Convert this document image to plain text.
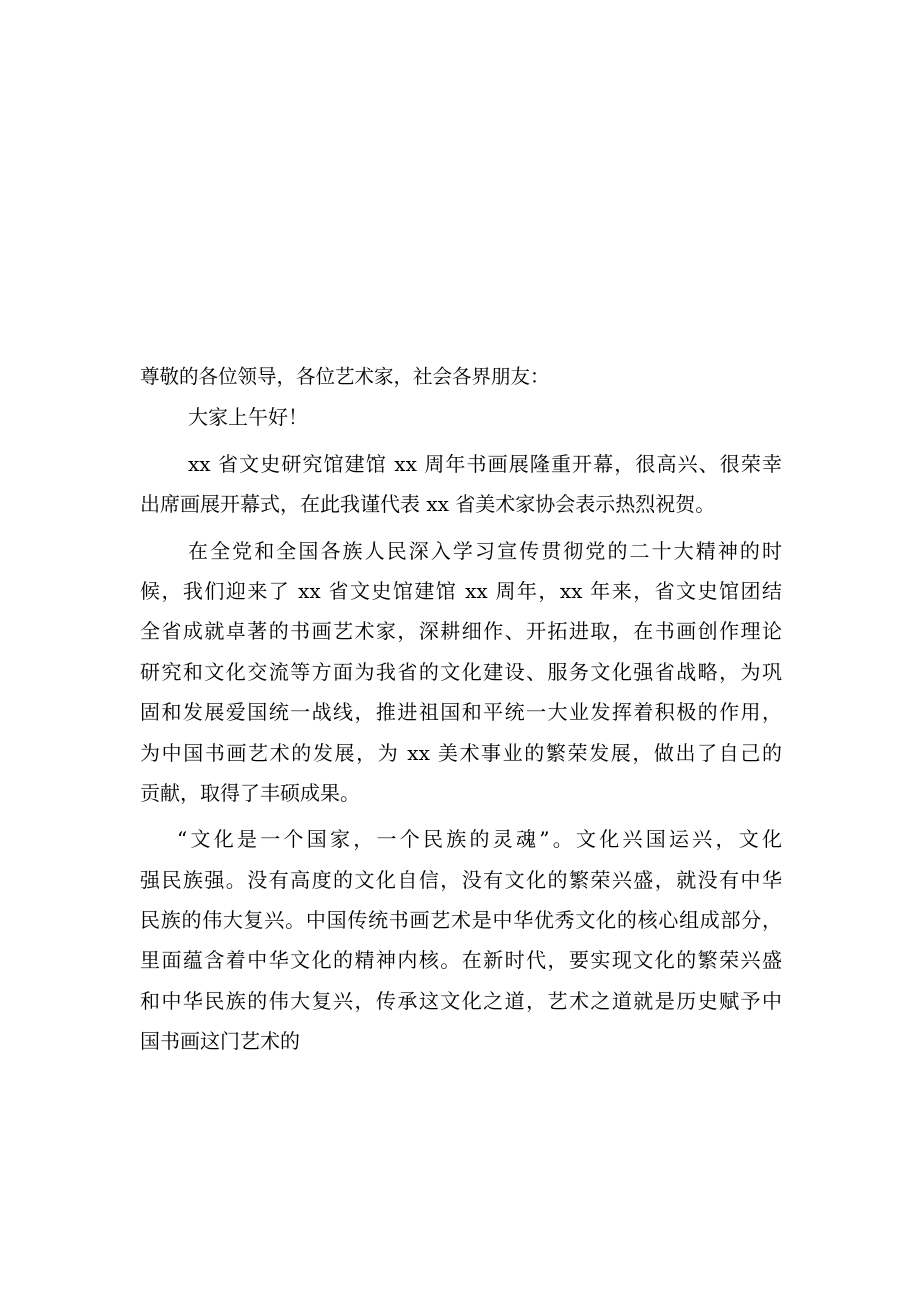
尊敬的各位领导，各位艺术家，社会各界朋友：
大家上午好！
xx 省文史研究馆建馆 xx 周年书画展隆重开幕，很高兴、很荣幸
出席画展开幕式，在此我谨代表 xx 省美术家协会表示热烈祝贺。
在全党和全国各族人民深入学习宣传贯彻党的二十大精神的时
候，我们迎来了 xx 省文史馆建馆 xx 周年，xx 年来，省文史馆团结
全省成就卓著的书画艺术家，深耕细作、开拓进取，在书画创作理论
研究和文化交流等方面为我省的文化建设、服务文化强省战略，为巩
固和发展爱国统一战线，推进祖国和平统一大业发挥着积极的作用，
为中国书画艺术的发展，为 xx 美术事业的繁荣发展，做出了自己的
贡献，取得了丰硕成果。
“文化是一个国家，一个民族的灵魂”。文化兴国运兴，文化
强民族强。没有高度的文化自信，没有文化的繁荣兴盛，就没有中华
民族的伟大复兴。中国传统书画艺术是中华优秀文化的核心组成部分，
里面蕴含着中华文化的精神内核。在新时代，要实现文化的繁荣兴盛
和中华民族的伟大复兴，传承这文化之道，艺术之道就是历史赋予中
国书画这门艺术的
